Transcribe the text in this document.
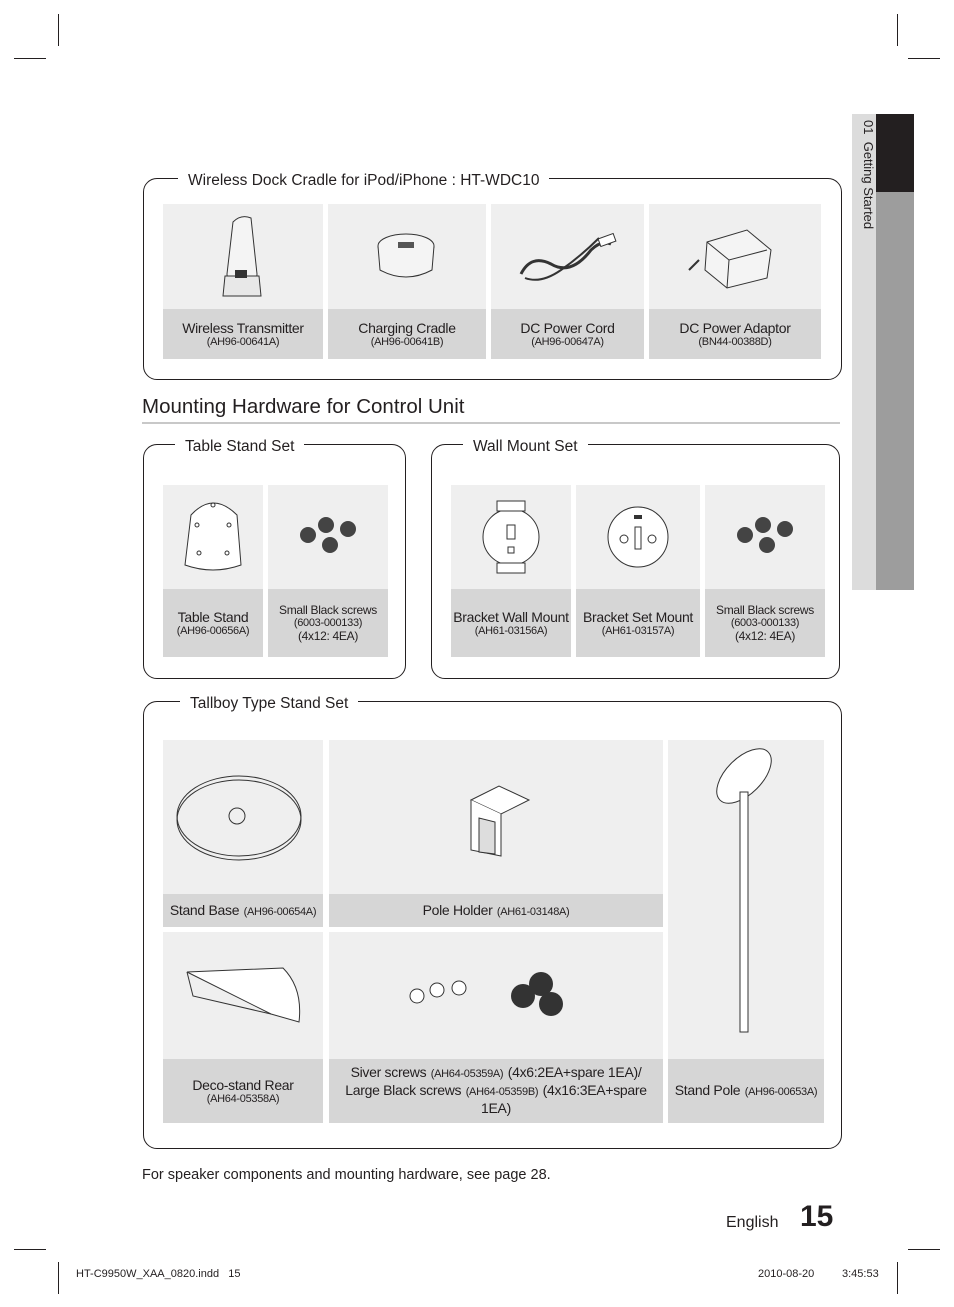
01  Getting Started
Wireless Dock Cradle for iPod/iPhone : HT-WDC10
Wireless Transmitter
(AH96-00641A)
Charging Cradle
(AH96-00641B)
DC Power Cord
(AH96-00647A)
DC Power Adaptor
(BN44-00388D)
Mounting Hardware for Control Unit
Table Stand Set
Table Stand
(AH96-00656A)
Small Black screws
(6003-000133)
(4x12: 4EA)
Wall Mount Set
Bracket Wall Mount
(AH61-03156A)
Bracket Set Mount
(AH61-03157A)
Small Black screws
(6003-000133)
(4x12: 4EA)
Tallboy Type Stand Set
Stand Base (AH96-00654A)	Pole Holder (AH61-03148A)
Stand Pole (AH96-00653A)
Deco-stand Rear
(AH64-05358A)
Siver screws (AH64-05359A) (4x6:2EA+spare 1EA)/
Large Black screws (AH64-05359B) (4x16:3EA+spare 1EA)
For speaker components and mounting hardware, see page 28.
English 15
HT-C9950W_XAA_0820.indd   15	2010-08-20	3:45:53
